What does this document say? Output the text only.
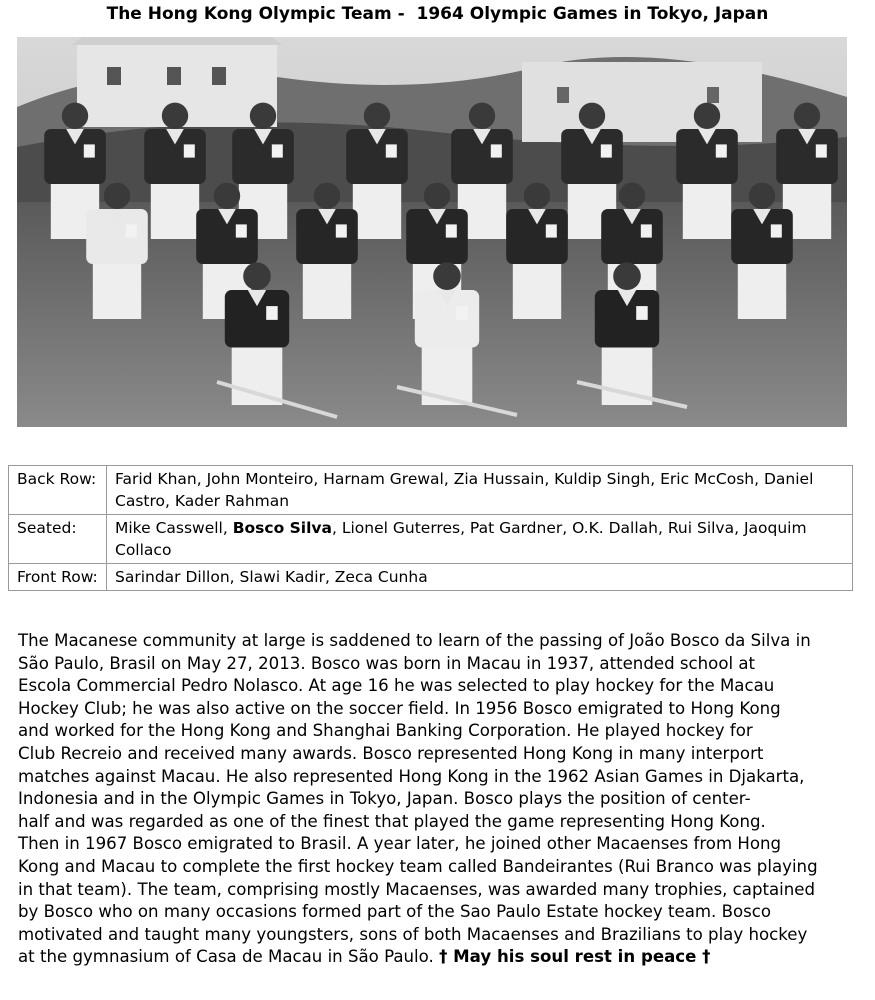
The Hong Kong Olympic Team -  1964 Olympic Games in Tokyo, Japan
Back Row:	Farid Khan, John Monteiro, Harnam Grewal, Zia Hussain, Kuldip Singh, Eric McCosh, Daniel Castro, Kader Rahman
Seated:	Mike Casswell, Bosco Silva, Lionel Guterres, Pat Gardner, O.K. Dallah, Rui Silva, Jaoquim Collaco
Front Row:	Sarindar Dillon, Slawi Kadir, Zeca Cunha
The Macanese community at large is saddened to learn of the passing of João Bosco da Silva in
São Paulo, Brasil on May 27, 2013. Bosco was born in Macau in 1937, attended school at
Escola Commercial Pedro Nolasco. At age 16 he was selected to play hockey for the Macau
Hockey Club; he was also active on the soccer field. In 1956 Bosco emigrated to Hong Kong
and worked for the Hong Kong and Shanghai Banking Corporation. He played hockey for
Club Recreio and received many awards. Bosco represented Hong Kong in many interport
matches against Macau. He also represented Hong Kong in the 1962 Asian Games in Djakarta,
Indonesia and in the Olympic Games in Tokyo, Japan. Bosco plays the position of center-
half and was regarded as one of the finest that played the game representing Hong Kong.
Then in 1967 Bosco emigrated to Brasil. A year later, he joined other Macaenses from Hong
Kong and Macau to complete the first hockey team called Bandeirantes (Rui Branco was playing
in that team). The team, comprising mostly Macaenses, was awarded many trophies, captained
by Bosco who on many occasions formed part of the Sao Paulo Estate hockey team. Bosco
motivated and taught many youngsters, sons of both Macaenses and Brazilians to play hockey
at the gymnasium of Casa de Macau in São Paulo. † May his soul rest in peace †
